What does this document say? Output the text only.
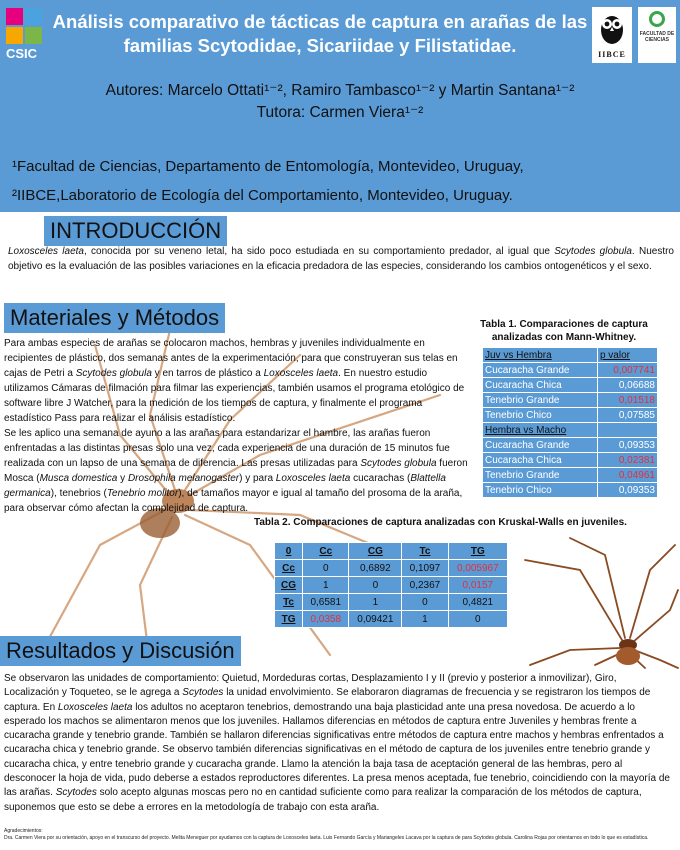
CSIC
Análisis comparativo de tácticas de captura en arañas de las familias Scytodidae, Sicariidae y Filistatidae.	IIBCE
FACULTAD DE CIENCIAS
Autores: Marcelo Ottati¹⁻², Ramiro Tambasco¹⁻² y Martin Santana¹⁻²
Tutora: Carmen Viera¹⁻²
¹Facultad de Ciencias, Departamento de Entomología, Montevideo, Uruguay,
²IIBCE,Laboratorio de Ecología del Comportamiento, Montevideo, Uruguay.
INTRODUCCIÓN
Loxosceles laeta, conocida por su veneno letal, ha sido poco estudiada en su comportamiento predador, al igual que Scytodes globula. Nuestro objetivo es la evaluación de las posibles variaciones en la eficacia predadora de las especies, considerando los cambios ontogenéticos y el sexo.
Materiales y Métodos
Para ambas especies de arañas se colocaron machos, hembras y juveniles individualmente en recipientes de plástico, dos semanas antes de la experimentación, para que construyeran sus telas en cajas de Petri a Scytodes globula y en tarros de plástico a Loxosceles laeta. En nuestro estudio utilizamos Cámaras de filmación para filmar las experiencias, también usamos el programa etológico de software libre J Watcher, para la medición de los tiempos de captura, y finalmente el programa estadístico Pass para realizar el análisis estadístico.
Se les aplico una semana de ayuno a las arañas para estandarizar el hambre, las arañas fueron enfrentadas a las distintas presas solo una vez, cada experiencia de una duración de 15 minutos fue realizada con un lapso de una semana de diferencia. Las presas utilizadas para Scytodes globula fueron Mosca (Musca domestica y Drosophila melanogaster) y para Loxosceles laeta cucarachas (Blattella germanica), tenebrios (Tenebrio molitor), de tamaños mayor e igual al tamaño del prosoma de la araña, para observar cómo afectan la complejidad de captura.
Tabla 1. Comparaciones de captura analizadas con Mann-Whitney.
Juv vs Hembra	p valor
Cucaracha Grande	0,007741
Cucaracha Chica	0,06688
Tenebrio Grande	0,01518
Tenebrio Chico	0,07585
Hembra vs Macho	
Cucaracha Grande	0,09353
Cucaracha Chica	0,02381
Tenebrio Grande	0,04961
Tenebrio Chico	0,09353
Tabla 2. Comparaciones de captura analizadas con Kruskal-Walls en juveniles.
0	Cc	CG	Tc	TG
Cc	0	0,6892	0,1097	0,005967
CG	1	0	0,2367	0,0157
Tc	0,6581	1	0	0,4821
TG	0,0358	0,09421	1	0
Resultados y Discusión
Se observaron las unidades de comportamiento: Quietud, Mordeduras cortas, Desplazamiento I y II (previo y posterior a inmovilizar), Giro, Localización y Toqueteo, se le agrega a Scytodes la unidad envolvimiento. Se elaboraron diagramas de frecuencia y se registraron los tiempos de captura. En Loxosceles laeta los adultos no aceptaron tenebrios, demostrando una baja plasticidad ante una presa novedosa. De acuerdo a lo esperado los machos se alimentaron menos que los juveniles. Hallamos diferencias en métodos de captura entre Juveniles y hembras frente a cucaracha grande y tenebrio grande. También se hallaron diferencias significativas entre métodos de captura entre machos y hembras enfrentados a cucaracha chica y tenebrio grande. Se observo también diferencias significativas en el método de captura de los juveniles entre tenebrio grande y cucaracha chica, y entre tenebrio grande y cucaracha grande. Llamo la atención la baja tasa de aceptación general de las hembras, pero al desconocer la hoja de vida, pudo deberse a estados reproductores diferentes. La presa menos aceptada, fue tenebrio, coincidiendo con la mayoría de las arañas. Scytodes solo acepto algunas moscas pero no en cantidad suficiente como para realizar la comparación de los métodos de captura, suponemos que esto se debe a errores en la metodología de trabajo con esta araña.
Agradecimientos:
Dra. Carmen Viera por su orientación, apoyo en el transcurso del proyecto. Melita Meneguer por ayudarnos con la captura de Loxosceles laeta. Luis Fernando García y Mariangeles Lacava por la captura de para Scytodes globula. Carolina Rojas por orientarnos en todo lo que es estadística.
